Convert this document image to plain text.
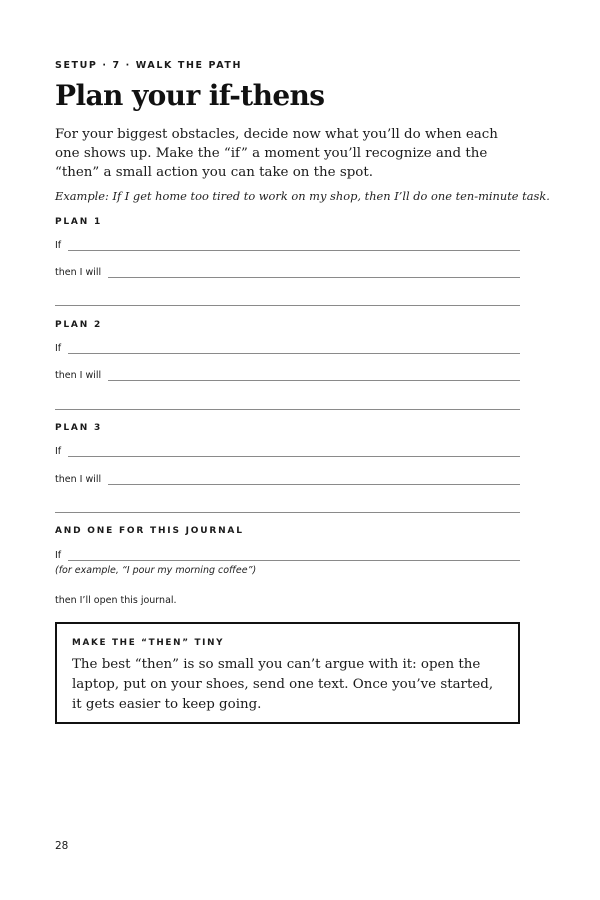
SETUP · 7 · WALK THE PATH
Plan your if-thens

For your biggest obstacles, decide now what you’ll do when each one shows up. Make the “if” a moment you’ll recognize and the “then” a small action you can take on the spot.

Example: If I get home too tired to work on my shop, then I’ll do one ten-minute task.

PLAN 1
If
then I will
PLAN 2
If
then I will
PLAN 3
If
then I will
AND ONE FOR THIS JOURNAL
If
(for example, “I pour my morning coffee”)
then I’ll open this journal.
MAKE THE “THEN” TINY

The best “then” is so small you can’t argue with it: open the laptop, put on your shoes, send one text. Once you’ve started, it gets easier to keep going.

28
